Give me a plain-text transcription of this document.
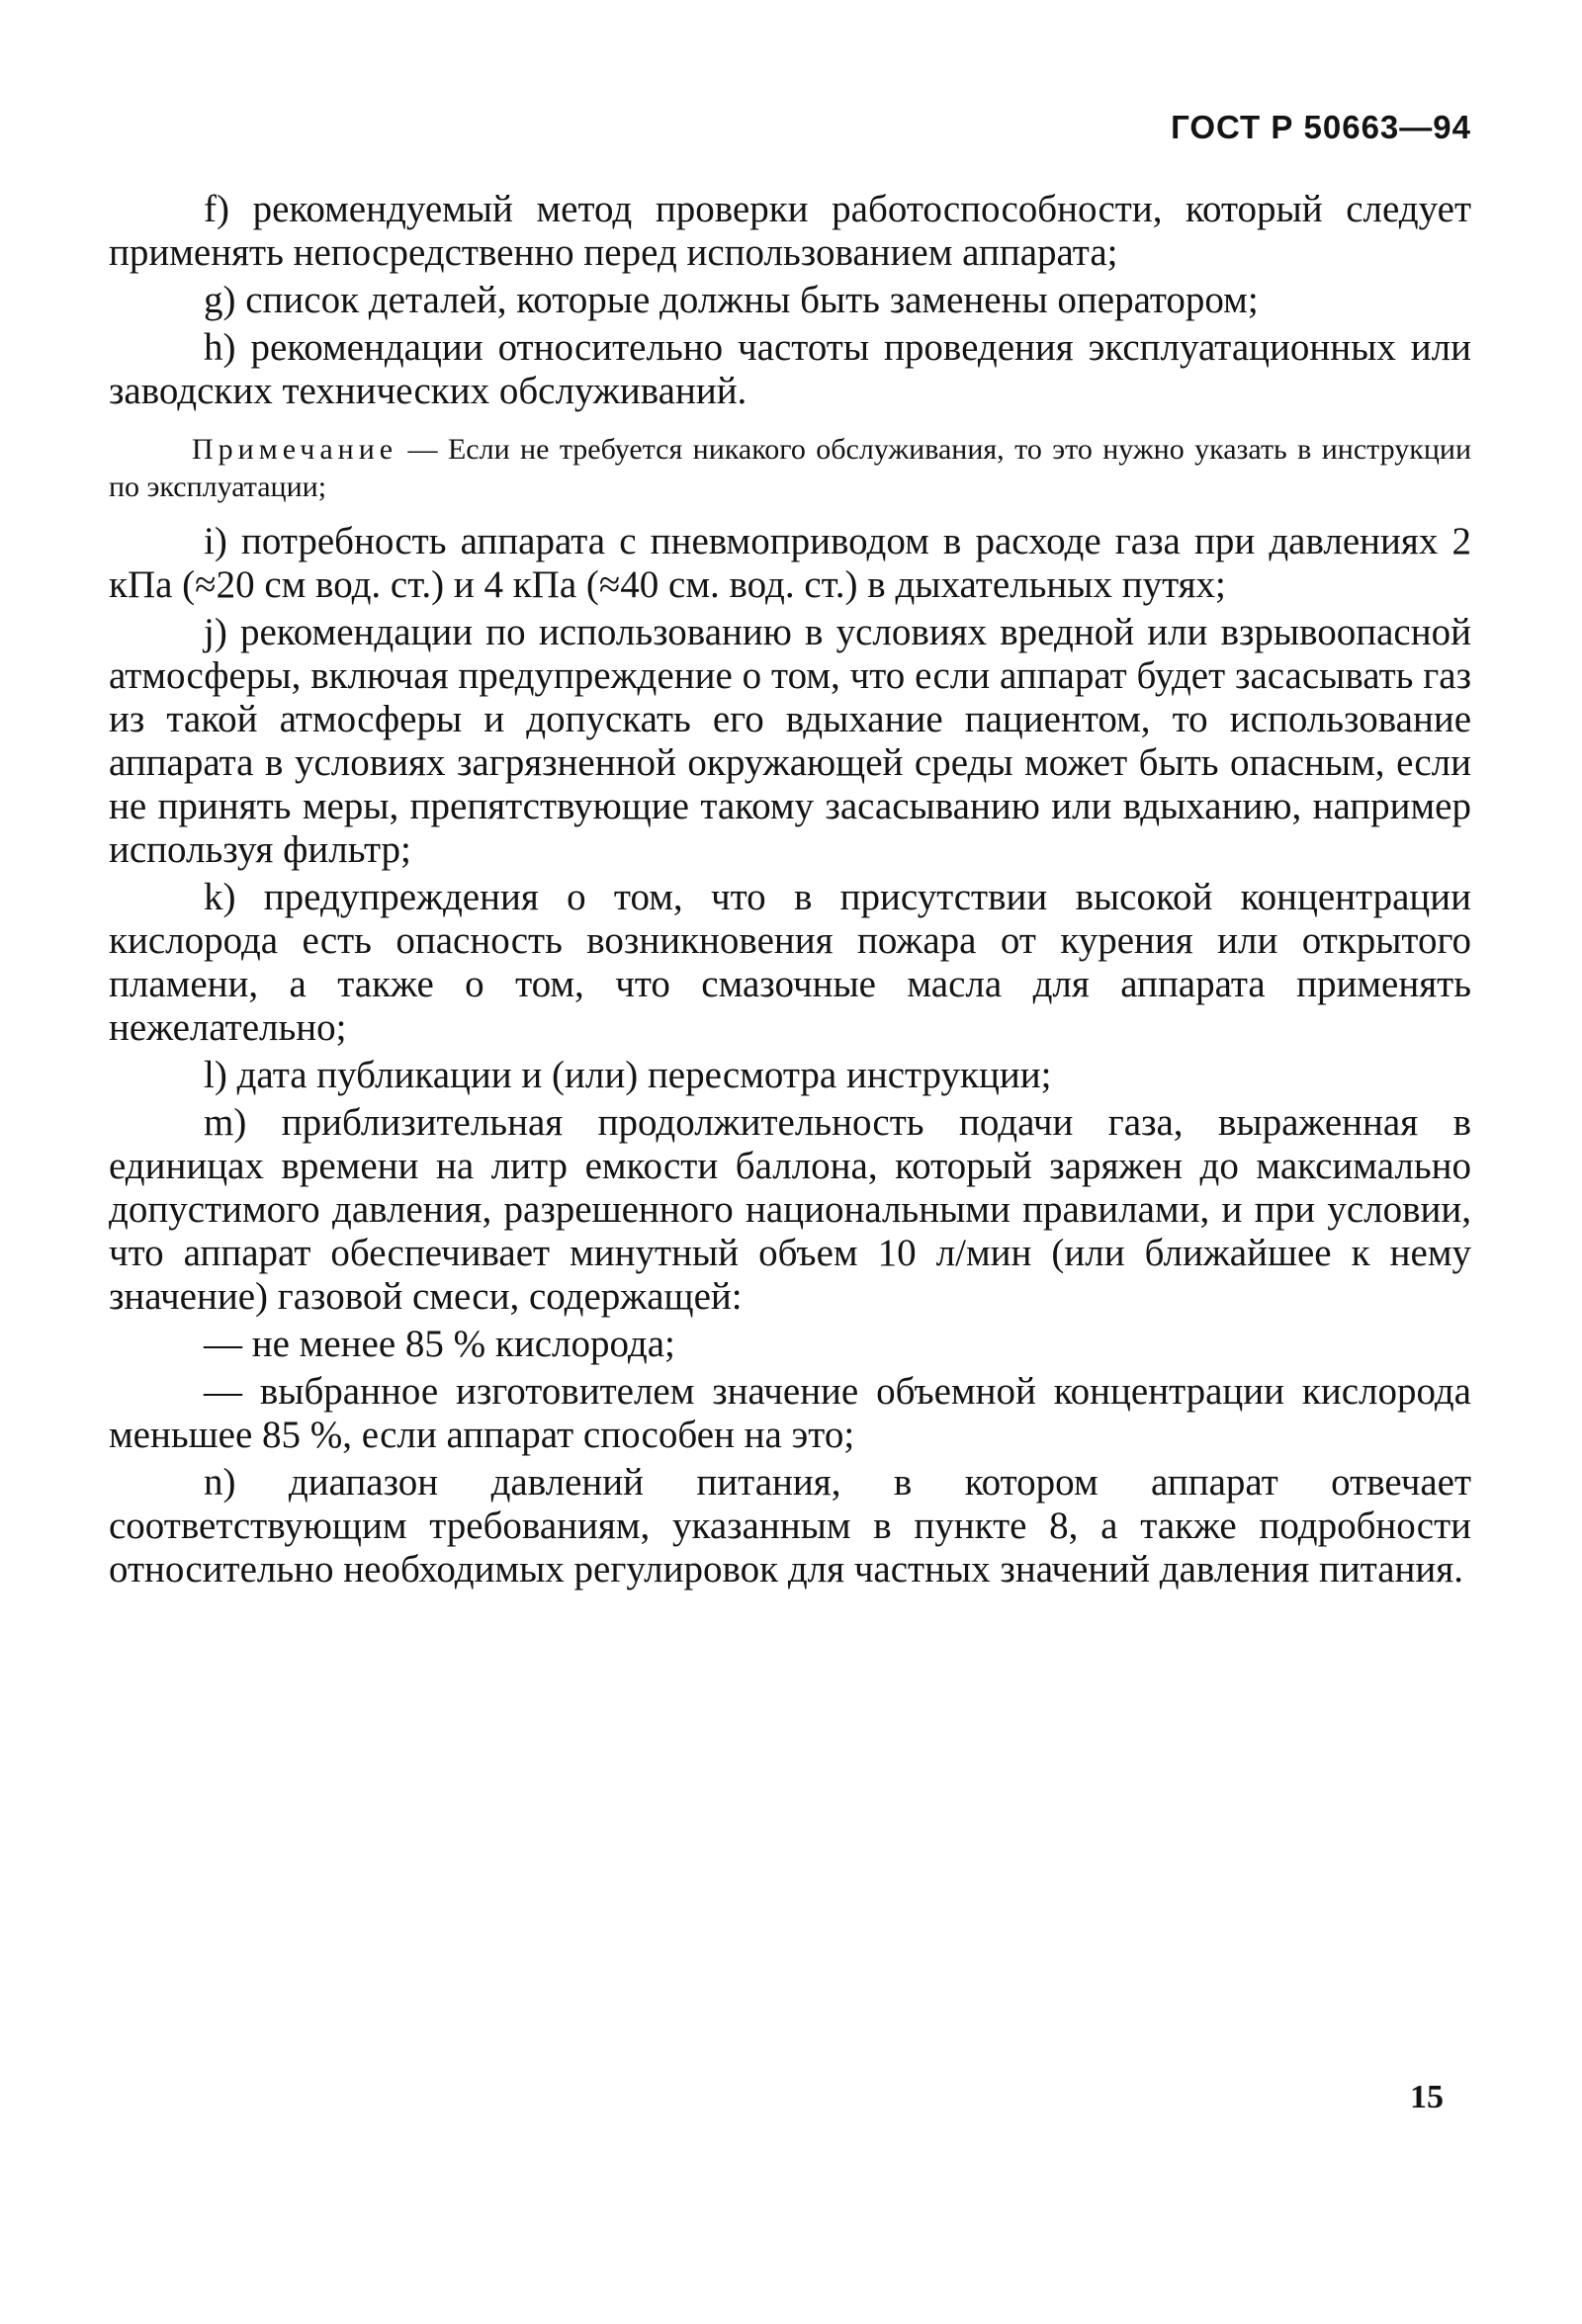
ГОСТ Р 50663—94

f) рекомендуемый метод проверки работоспособности, который следует применять непосредственно перед использованием аппарата;

g) список деталей, которые должны быть заменены оператором;

h) рекомендации относительно частоты проведения эксплуатационных или заводских технических обслуживаний.

Примечание — Если не требуется никакого обслуживания, то это нужно указать в инструкции по эксплуатации;

i) потребность аппарата с пневмоприводом в расходе газа при давлениях 2 кПа (≈20 см вод. ст.) и 4 кПа (≈40 см. вод. ст.) в дыхательных путях;

j) рекомендации по использованию в условиях вредной или взрывоопасной атмосферы, включая предупреждение о том, что если аппарат будет засасывать газ из такой атмосферы и допускать его вдыхание пациентом, то использование аппарата в условиях загрязненной окружающей среды может быть опасным, если не принять меры, препятствующие такому засасыванию или вдыханию, например используя фильтр;

k) предупреждения о том, что в присутствии высокой концентрации кислорода есть опасность возникновения пожара от курения или открытого пламени, а также о том, что смазочные масла для аппарата применять нежелательно;

l) дата публикации и (или) пересмотра инструкции;

m) приблизительная продолжительность подачи газа, выраженная в единицах времени на литр емкости баллона, который заряжен до максимально допустимого давления, разрешенного национальными правилами, и при условии, что аппарат обеспечивает минутный объем 10 л/мин (или ближайшее к нему значение) газовой смеси, содержащей:

— не менее 85 % кислорода;

— выбранное изготовителем значение объемной концентрации кислорода меньшее 85 %, если аппарат способен на это;

n) диапазон давлений питания, в котором аппарат отвечает соответствующим требованиям, указанным в пункте 8, а также подробности относительно необходимых регулировок для частных значений давления питания.

15
